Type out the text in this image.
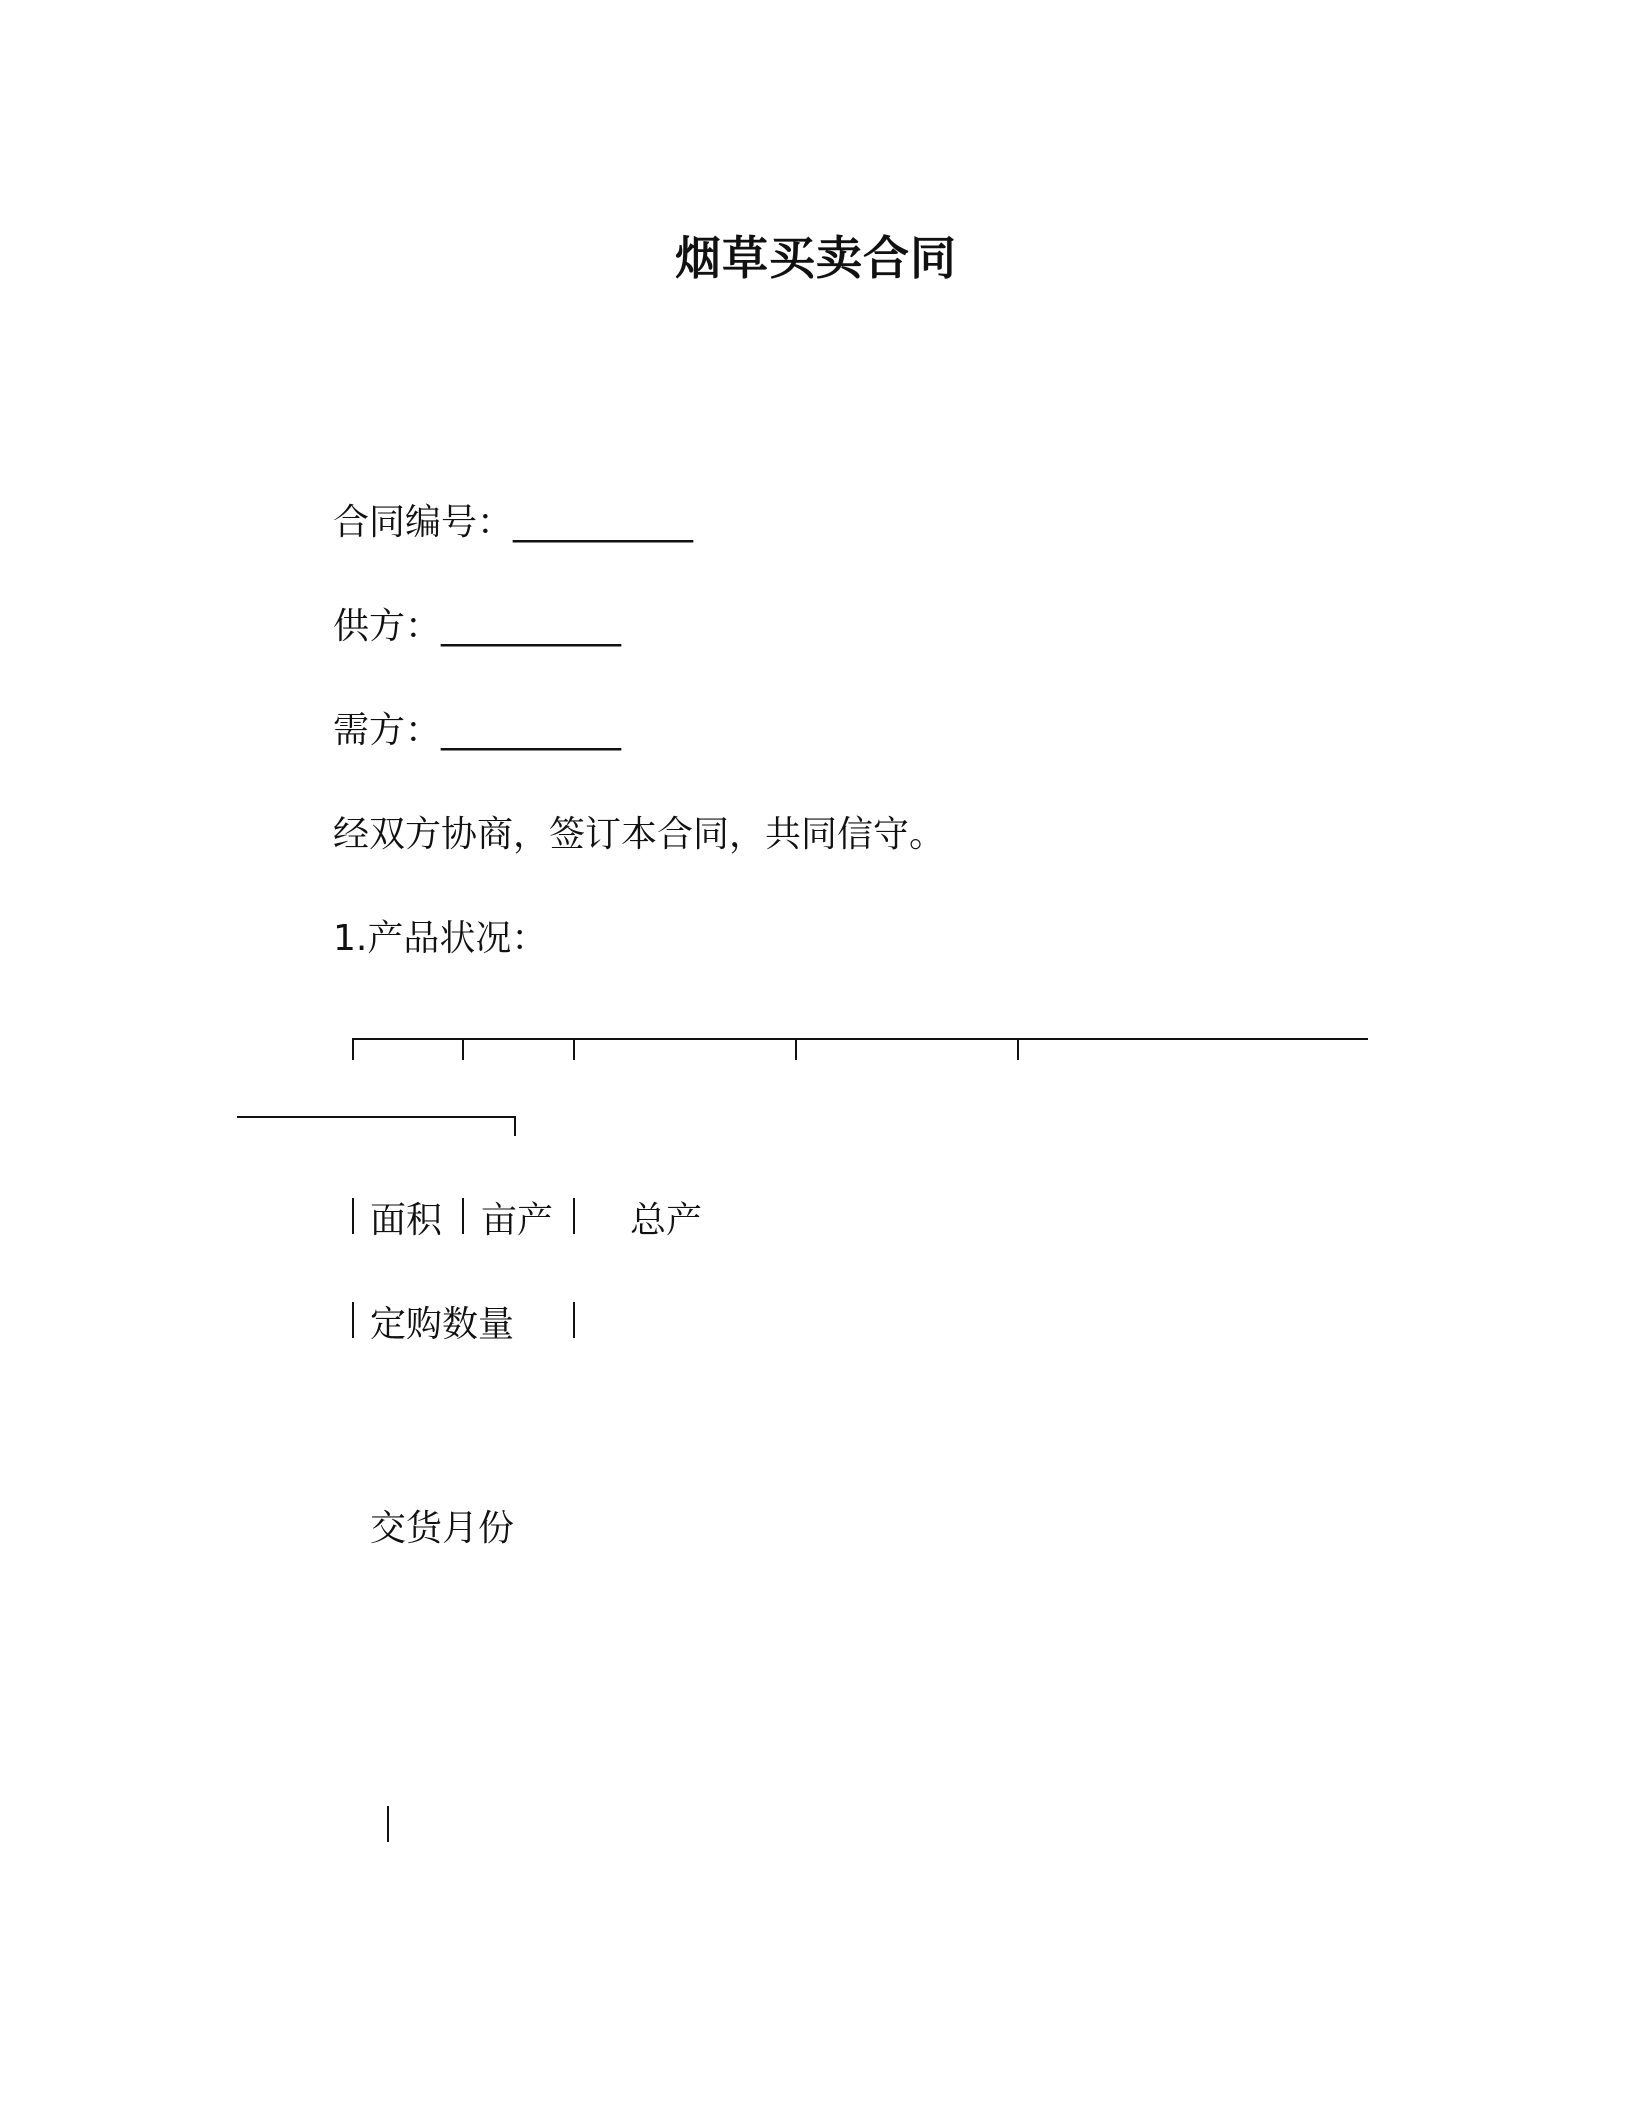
烟草买卖合同
合同编号：__________
供方：__________
需方：__________
经双方协商，签订本合同，共同信守。
1.产品状况：
面积 亩产 总产
定购数量
交货月份
